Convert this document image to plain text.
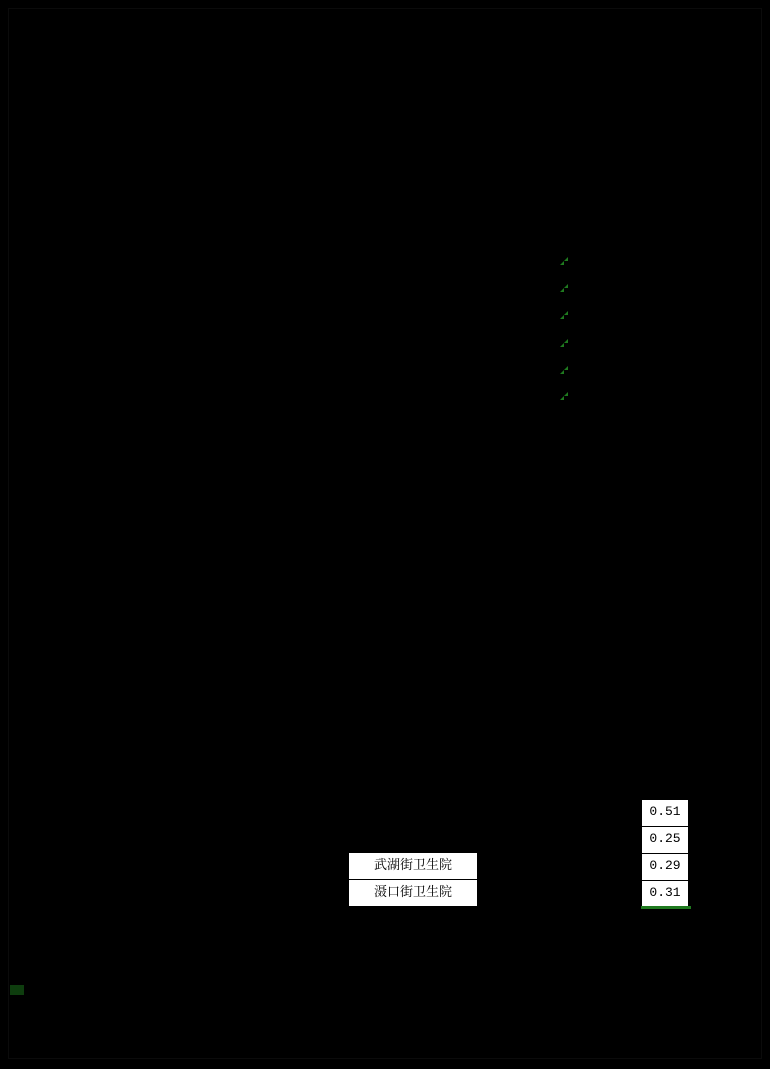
武湖街卫生院
滠口街卫生院
0.51
0.25
0.29
0.31
